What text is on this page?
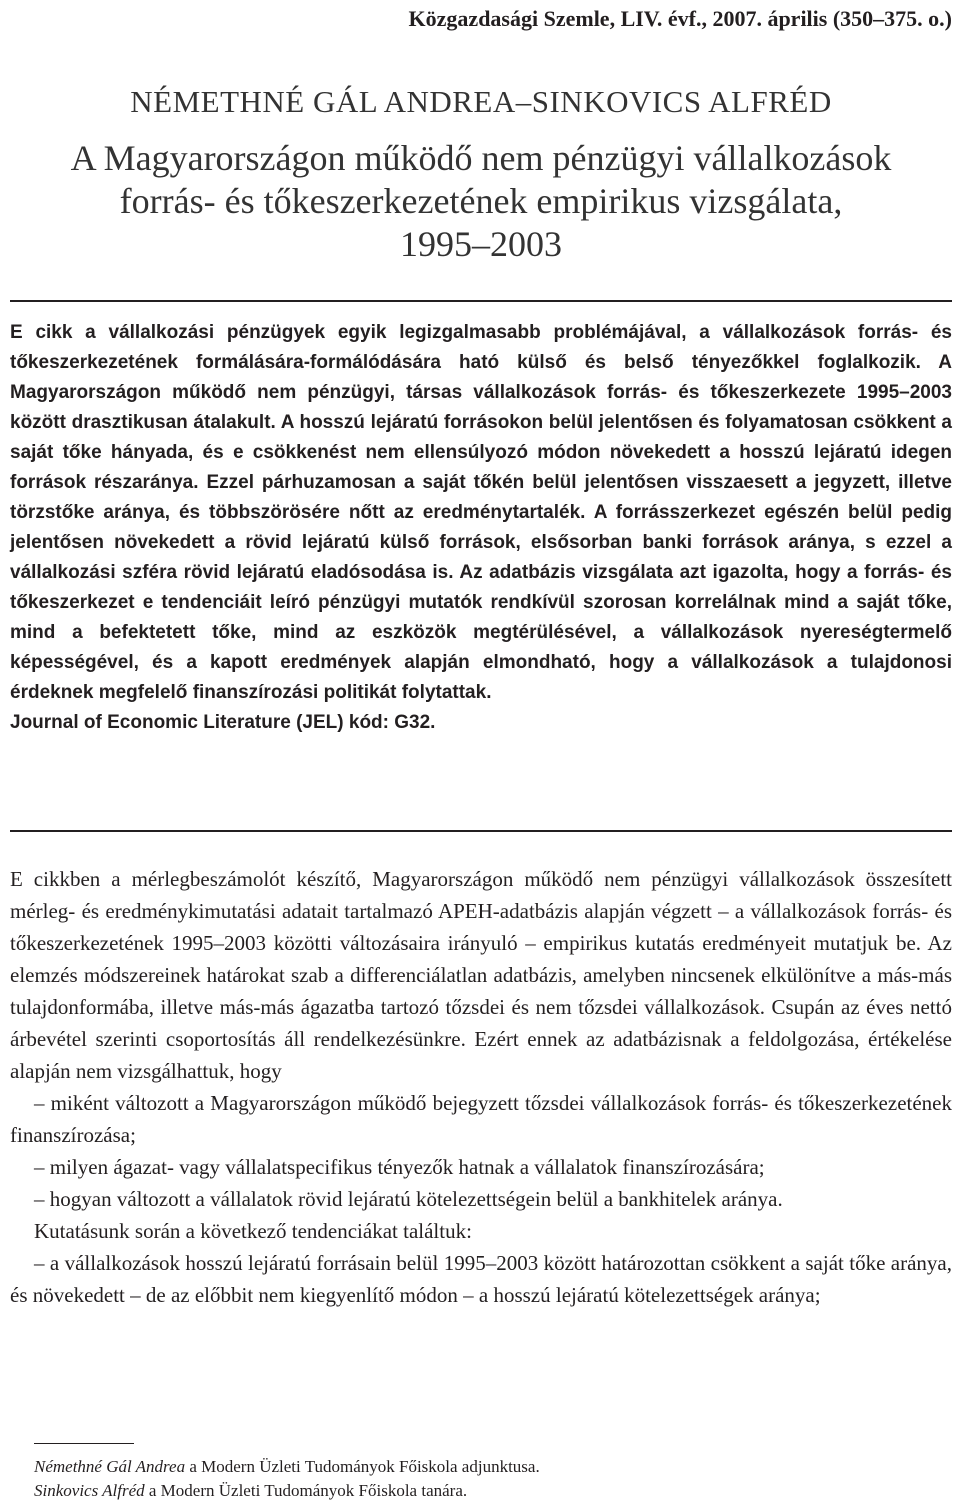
Közgazdasági Szemle, LIV. évf., 2007. április (350–375. o.)
NÉMETHNÉ GÁL ANDREA–SINKOVICS ALFRÉD
A Magyarországon működő nem pénzügyi vállalkozások
forrás- és tőkeszerkezetének empirikus vizsgálata,
1995–2003

E cikk a vállalkozási pénzügyek egyik legizgalmasabb problémájával, a vállalkozások forrás- és tőkeszerkezetének formálására-formálódására ható külső és belső tényezőkkel foglalkozik. A Magyarországon működő nem pénzügyi, társas vállalkozások forrás- és tőkeszerkezete 1995–2003 között drasztikusan átalakult. A hosszú lejáratú forrásokon belül jelentősen és folyamatosan csökkent a saját tőke hányada, és e csökkenést nem ellensúlyozó módon növekedett a hosszú lejáratú idegen források részaránya. Ezzel párhuzamosan a saját tőkén belül jelentősen visszaesett a jegyzett, illetve törzstőke aránya, és többszörösére nőtt az eredménytartalék. A forrásszerkezet egészén belül pedig jelentősen növekedett a rövid lejáratú külső források, elsősorban banki források aránya, s ezzel a vállalkozási szféra rövid lejáratú eladósodása is. Az adatbázis vizsgálata azt igazolta, hogy a forrás- és tőkeszerkezet e tendenciáit leíró pénzügyi mutatók rendkívül szorosan korrelálnak mind a saját tőke, mind a befektetett tőke, mind az eszközök megtérülésével, a vállalkozások nyereségtermelő képességével, és a kapott eredmények alapján elmondható, hogy a vállalkozások a tulajdonosi érdeknek megfelelő finanszírozási politikát folytattak.

Journal of Economic Literature (JEL) kód: G32.

E cikkben a mérlegbeszámolót készítő, Magyarországon működő nem pénzügyi vállalkozások összesített mérleg- és eredménykimutatási adatait tartalmazó APEH-adatbázis alapján végzett – a vállalkozások forrás- és tőkeszerkezetének 1995–2003 közötti változásaira irányuló – empirikus kutatás eredményeit mutatjuk be. Az elemzés módszereinek határokat szab a differenciálatlan adatbázis, amelyben nincsenek elkülönítve a más-más tulajdonformába, illetve más-más ágazatba tartozó tőzsdei és nem tőzsdei vállalkozások. Csupán az éves nettó árbevétel szerinti csoportosítás áll rendelkezésünkre. Ezért ennek az adatbázisnak a feldolgozása, értékelése alapján nem vizsgálhattuk, hogy

– miként változott a Magyarországon működő bejegyzett tőzsdei vállalkozások forrás- és tőkeszerkezetének finanszírozása;

– milyen ágazat- vagy vállalatspecifikus tényezők hatnak a vállalatok finanszírozására;

– hogyan változott a vállalatok rövid lejáratú kötelezettségein belül a bankhitelek aránya.

Kutatásunk során a következő tendenciákat találtuk:

– a vállalkozások hosszú lejáratú forrásain belül 1995–2003 között határozottan csökkent a saját tőke aránya, és növekedett – de az előbbit nem kiegyenlítő módon – a hosszú lejáratú kötelezettségek aránya;

Némethné Gál Andrea a Modern Üzleti Tudományok Főiskola adjunktusa.
Sinkovics Alfréd a Modern Üzleti Tudományok Főiskola tanára.
